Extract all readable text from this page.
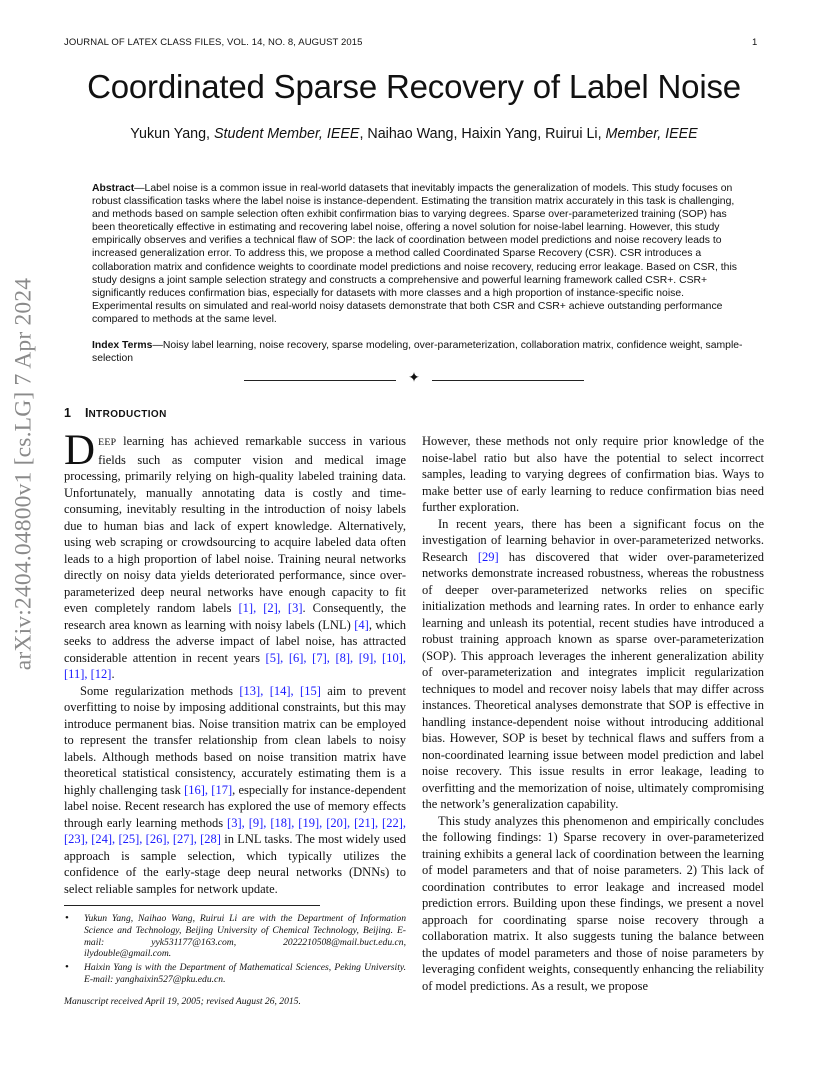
JOURNAL OF LATEX CLASS FILES, VOL. 14, NO. 8, AUGUST 2015	1
Coordinated Sparse Recovery of Label Noise
Yukun Yang, Student Member, IEEE, Naihao Wang, Haixin Yang, Ruirui Li, Member, IEEE

Abstract—Label noise is a common issue in real-world datasets that inevitably impacts the generalization of models. This study focuses on robust classification tasks where the label noise is instance-dependent. Estimating the transition matrix accurately in this task is challenging, and methods based on sample selection often exhibit confirmation bias to varying degrees. Sparse over-parameterized training (SOP) has been theoretically effective in estimating and recovering label noise, offering a novel solution for noise-label learning. However, this study empirically observes and verifies a technical flaw of SOP: the lack of coordination between model predictions and noise recovery leads to increased generalization error. To address this, we propose a method called Coordinated Sparse Recovery (CSR). CSR introduces a collaboration matrix and confidence weights to coordinate model predictions and noise recovery, reducing error leakage. Based on CSR, this study designs a joint sample selection strategy and constructs a comprehensive and powerful learning framework called CSR+. CSR+ significantly reduces confirmation bias, especially for datasets with more classes and a high proportion of instance-specific noise. Experimental results on simulated and real-world noisy datasets demonstrate that both CSR and CSR+ achieve outstanding performance compared to methods at the same level.

Index Terms—Noisy label learning, noise recovery, sparse modeling, over-parameterization, collaboration matrix, confidence weight, sample-selection

✦
arXiv:2404.04800v1 [cs.LG] 7 Apr 2024 1 INTRODUCTION

DEEP learning has achieved remarkable success in various fields such as computer vision and medical image processing, primarily relying on high-quality labeled training data. Unfortunately, manually annotating data is costly and time-consuming, inevitably resulting in the introduction of noisy labels due to human bias and lack of expert knowledge. Alternatively, using web scraping or crowdsourcing to acquire labeled data often leads to a high proportion of label noise. Training neural networks directly on noisy data yields deteriorated performance, since over-parameterized deep neural networks have enough capacity to fit even completely random labels [1], [2], [3]. Consequently, the research area known as learning with noisy labels (LNL) [4], which seeks to address the adverse impact of label noise, has attracted considerable attention in recent years [5], [6], [7], [8], [9], [10], [11], [12].

Some regularization methods [13], [14], [15] aim to prevent overfitting to noise by imposing additional constraints, but this may introduce permanent bias. Noise transition matrix can be employed to represent the transfer relationship from clean labels to noisy labels. Although methods based on noise transition matrix have theoretical statistical consistency, accurately estimating them is a highly challenging task [16], [17], especially for instance-dependent label noise. Recent research has explored the use of memory effects through early learning methods [3], [9], [18], [19], [20], [21], [22], [23], [24], [25], [26], [27], [28] in LNL tasks. The most widely used approach is sample selection, which typically utilizes the confidence of the early-stage deep neural networks (DNNs) to select reliable samples for network update.

However, these methods not only require prior knowledge of the noise-label ratio but also have the potential to select incorrect samples, leading to varying degrees of confirmation bias. Ways to make better use of early learning to reduce confirmation bias need further exploration.

In recent years, there has been a significant focus on the investigation of learning behavior in over-parameterized networks. Research [29] has discovered that wider over-parameterized networks demonstrate increased robustness, whereas the robustness of deeper over-parameterized networks relies on specific initialization methods and learning rates. In order to enhance early learning and unleash its potential, recent studies have introduced a robust training approach known as sparse over-parameterization (SOP). This approach leverages the inherent generalization ability of over-parameterization and integrates implicit regularization techniques to model and recover noisy labels that may differ across instances. Theoretical analyses demonstrate that SOP is effective in handling instance-dependent noise without introducing additional bias. However, SOP is beset by technical flaws and suffers from a non-coordinated learning issue between model prediction and label noise recovery. This issue results in error leakage, leading to overfitting and the memorization of noise, ultimately compromising the network’s generalization capability.

This study analyzes this phenomenon and empirically concludes the following findings: 1) Sparse recovery in over-parameterized training exhibits a general lack of coordination between the learning of model parameters and that of noise parameters. 2) This lack of coordination contributes to error leakage and increased model prediction errors. Building upon these findings, we present a novel approach for coordinating sparse noise recovery through a collaboration matrix. It also suggests tuning the balance between the updates of model parameters and those of noise parameters by leveraging confident weights, consequently enhancing the reliability of model predictions. As a result, we propose

• Yukun Yang, Naihao Wang, Ruirui Li are with the Department of Information Science and Technology, Beijing University of Chemical Technology, Beijing. E-mail: yyk531177@163.com, 2022210508@mail.buct.edu.cn, ilydouble@gmail.com.
• Haixin Yang is with the Department of Mathematical Sciences, Peking University. E-mail: yanghaixin527@pku.edu.cn.

Manuscript received April 19, 2005; revised August 26, 2015.
